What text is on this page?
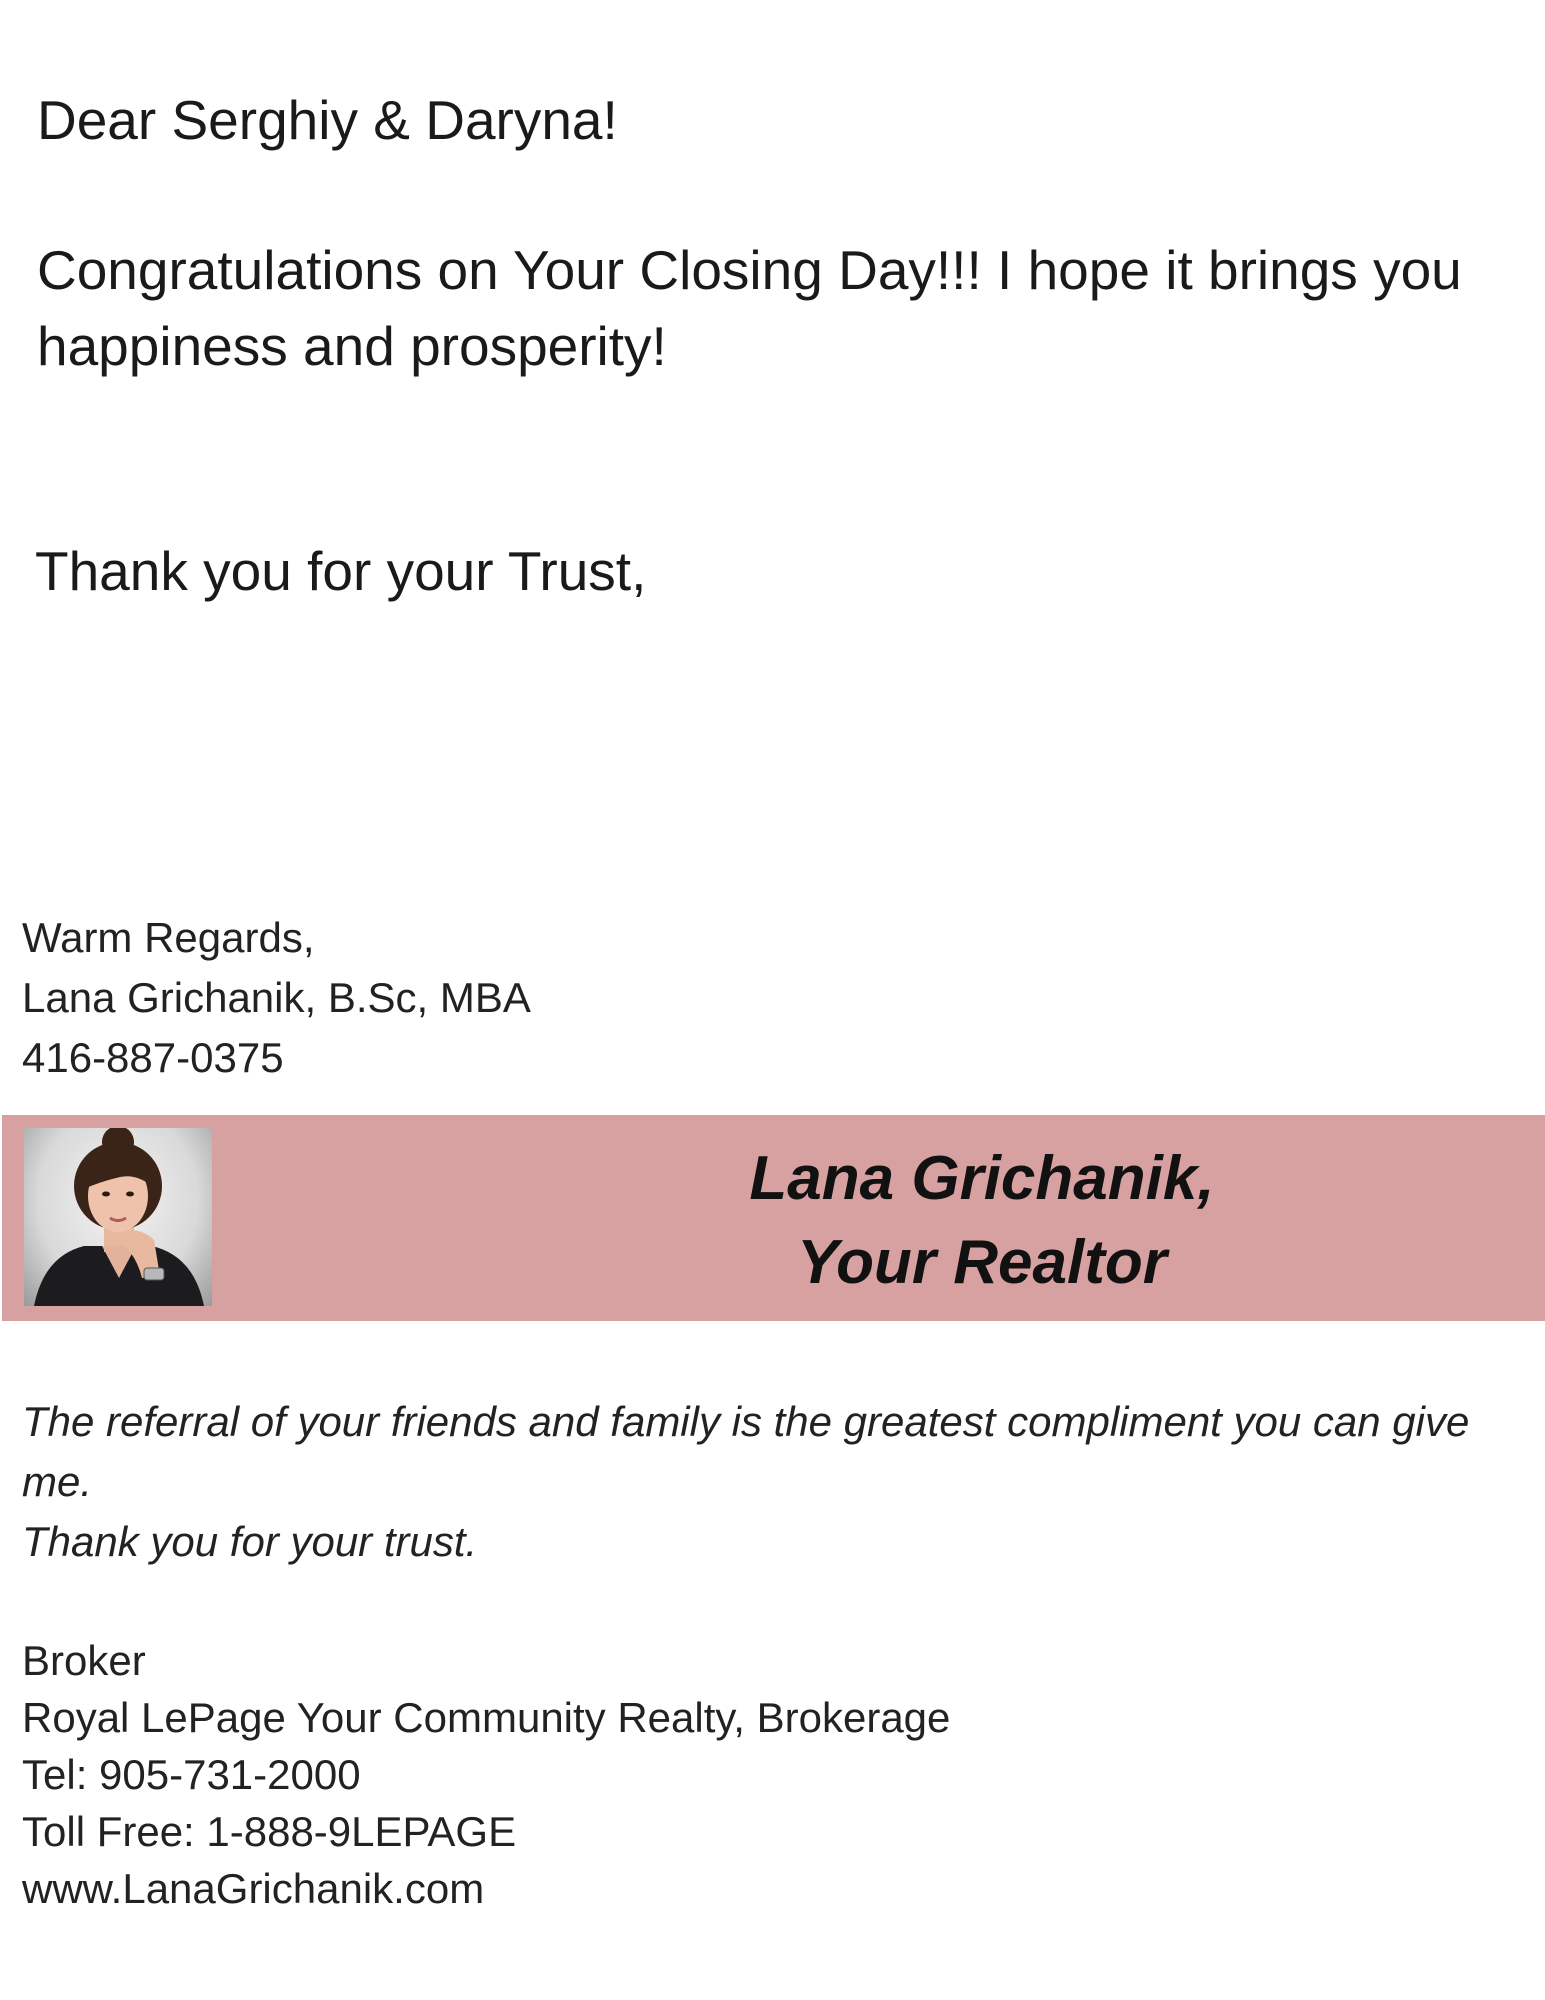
Dear Serghiy & Daryna!

Congratulations on Your Closing Day!!! I hope it brings you happiness and prosperity!

Thank you for your Trust,

Warm Regards,
Lana Grichanik, B.Sc, MBA
416-887-0375
Lana Grichanik,
Your Realtor
The referral of your friends and family is the greatest compliment you can give me.
Thank you for your trust.
Broker
Royal LePage Your Community Realty, Brokerage
Tel: 905-731-2000
Toll Free: 1-888-9LEPAGE
www.LanaGrichanik.com
